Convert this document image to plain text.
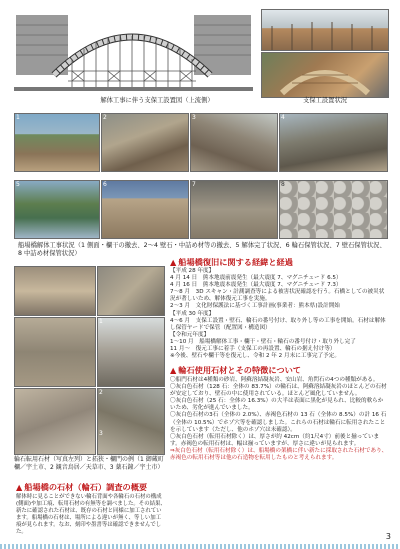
解体工事に伴う支保工設置図（上流側）	支保工設置状況
1	2	3	4
5	6	7	8
船場橋解体工事状況（1 側面・欄干の撤去、2～4 壁石・中詰め材等の撤去、5 解体完了状況、6 輪石保管状況、7 壁石保管状況、8 中詰め材保管状況）
1
2
3
輪石転用石材（写真左列）と拓狭・欄門の例（1 御蔵町欄／宇土市、2 観音鳥居／天草市、3 薬石鐘／宇土市）
▲ 船場橋復旧に関する経緯と経過
【平成 28 年度】
4 月 14 日　熊本地震前震発生（最大震度 7、マグニチュード 6.5）
4 月 16 日　熊本地震本震発生（最大震度 7、マグニチュード 7.3）
7～8 月　3D スキャン・計測調査等による被害状況確認を行う。石橋としての被災状況が著しいため、解体復元工事を実施。
2～3 月　文化財保護法に基づく工事計画(事業者：熊本県)設計開始
【平成 30 年度】
4～6 月　支保工設置・壁石、輪石の番号付け、取り外し等の工事を開始。石材は解体し保管ヤードで保管（配置図・構造図）
【令和元年度】
1～10 月　船場橋解体工事・欄干・壁石・輪石の番号付け・取り外し完了
11 月～　復元工事に着手（支保工の再設置、輪石の据え付け等）
※今後、壁石や欄干等を復元し、令和 2 年 2 月末に工事完了予定。
▲ 輪石使用石材とその特徴について
〇船門石材は4種類の砂岩、阿蘇溶結凝灰岩、安山岩、角閃石の4つの種類がある。
〇灰白色石材（128 石：全体の 83.7%）の輪石は、阿蘇溶結凝灰岩のほとんどの石材が安定しており、壁石の中に使用されている。ほとんど風化していません。
〇灰白色石材（25 石：全体の 16.3%）の大半は表面に黒化が見られ、比較的軟らかいため、劣化が進んでいました。
〇灰白色石材の3石（全体の 2.0%）、赤褐色石材の 13 石（全体の 8.5%）の計 16 石（全体の 10.5%）でホゾ穴等を確認しました。これらの石材は輪石に転用されたことを示しています（ただし、他のホゾ穴は未確認）。
〇灰白色石材（転用石材除く）は、厚さが約 42cm（約1尺4寸）前後と揃っています。赤褐色の転用石材は、幅は揃っていますが、厚さに違いが見られます。
⇒灰白色石材（転用石材除く）は、船場橋の架橋に伴い新たに採取された石材であり、赤褐色の転用石材等は他の石造物を転用したものと考えられます。
▲ 船場橋の石材（輪石）調査の概要
解体時に見ることができない輪石背面や各輪石の石材の構成(側面)や加工痕、転用石材の有無等を調べました。その結果、新たに確認された石材は、既存の石材と同様に加工されています。船場橋の石材は、場所による違いが無く、等しい加工痕が見られます。なお、刻印や墨書等は確認できませんでした。
3
